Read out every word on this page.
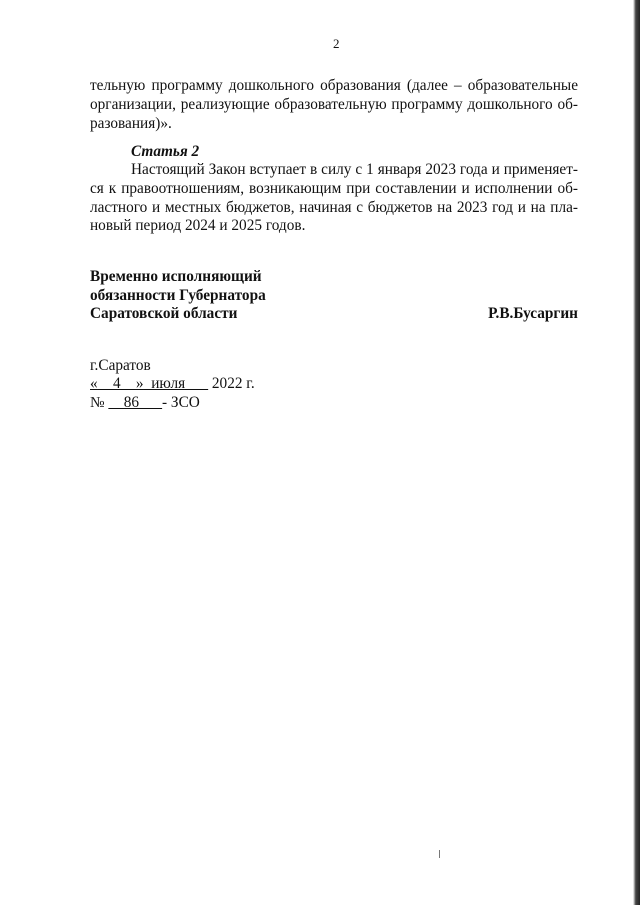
2
тельную программу дошкольного образования (далее – образовательные
организации, реализующие образовательную программу дошкольного об-
разования)».
Статья 2
Настоящий Закон вступает в силу с 1 января 2023 года и применяет-
ся к правоотношениям, возникающим при составлении и исполнении об-
ластного и местных бюджетов, начиная с бюджетов на 2023 год и на пла-
новый период 2024 и 2025 годов.
Временно исполняющий
обязанности Губернатора
Саратовской области	Р.В.Бусаргин
г.Саратов
«__4__»_июля___ 2022 г.
№ __86___- ЗСО
